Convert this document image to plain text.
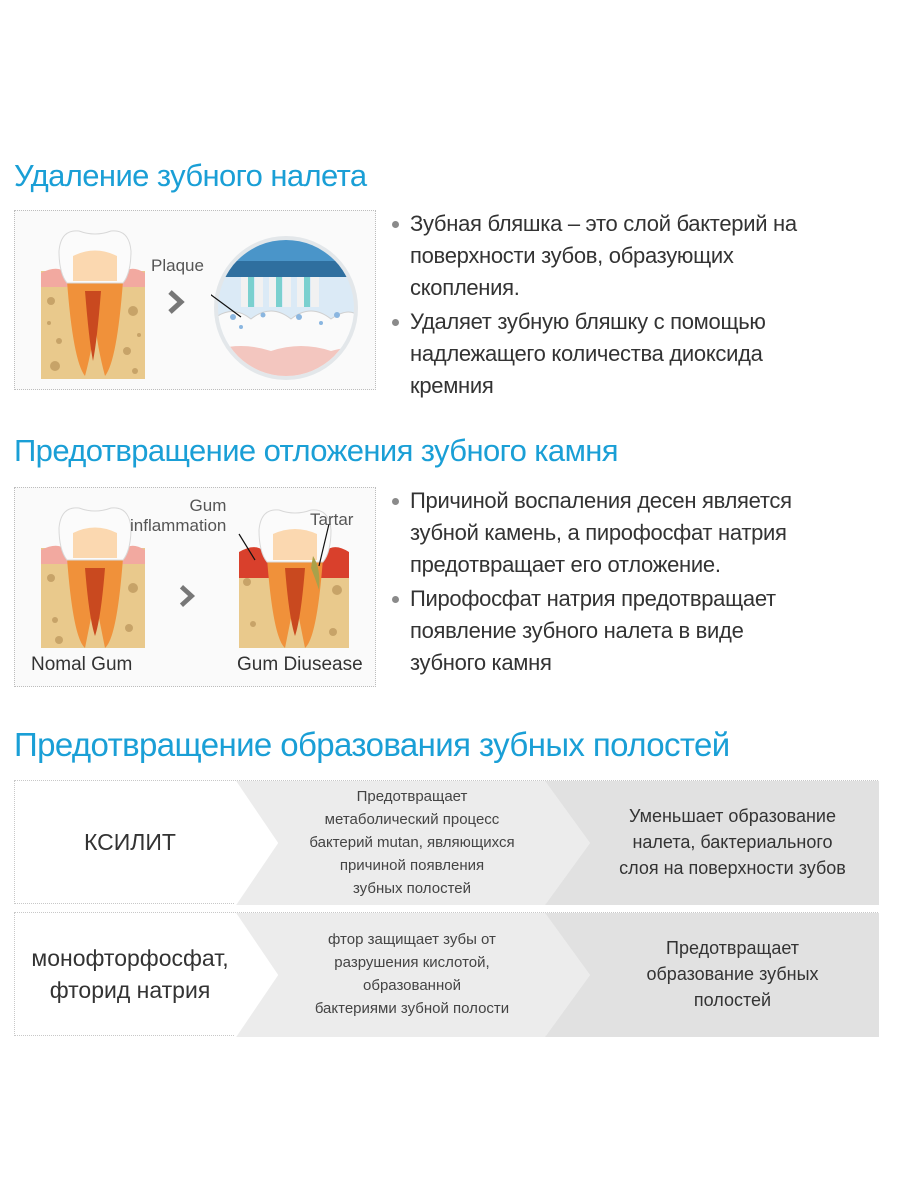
Удаление зубного налета
Plaque
Зубная бляшка – это слой бактерий на
поверхности зубов, образующих
скопления.
Удаляет зубную бляшку с помощью
надлежащего количества диоксида
кремния
Предотвращение отложения зубного камня
Gum
inflammation	Tartar
Nomal Gum	Gum Diusease
Причиной воспаления десен является
зубной камень, а пирофосфат натрия
предотвращает его отложение.
Пирофосфат натрия предотвращает
появление зубного налета в виде
зубного камня
Предотвращение образования зубных полостей
КСИЛИТ
Предотвращает
метаболический процесс
бактерий mutan, являющихся
причиной появления
зубных полостей
Уменьшает образование
налета, бактериального
слоя на поверхности зубов
монофторфосфат,
фторид натрия
фтор защищает зубы от
разрушения кислотой,
образованной
бактериями зубной полости
Предотвращает
образование зубных
полостей
